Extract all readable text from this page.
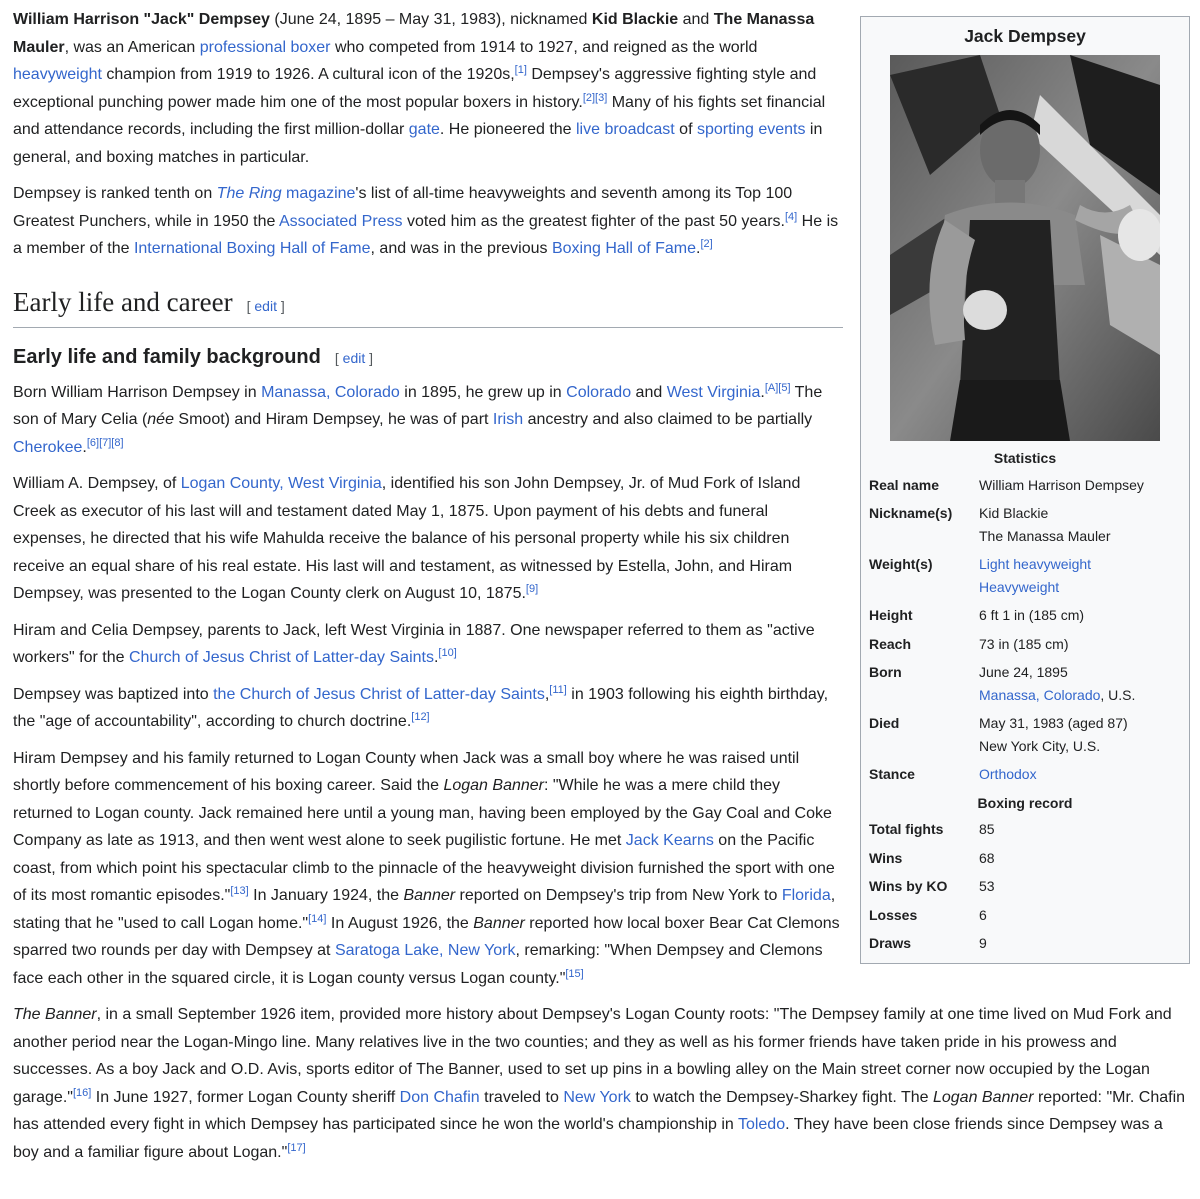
Jack Dempsey
Statistics
Real name	William Harrison Dempsey
Nickname(s)	Kid Blackie
The Manassa Mauler
Weight(s)	Light heavyweight
Heavyweight
Height	6 ft 1 in (185 cm)
Reach	73 in (185 cm)
Born	June 24, 1895
Manassa, Colorado, U.S.
Died	May 31, 1983 (aged 87)
New York City, U.S.
Stance	Orthodox
Boxing record
Total fights	85
Wins	68
Wins by KO	53
Losses	6
Draws	9

William Harrison "Jack" Dempsey (June 24, 1895 – May 31, 1983), nicknamed Kid Blackie and The Manassa Mauler, was an American professional boxer who competed from 1914 to 1927, and reigned as the world heavyweight champion from 1919 to 1926. A cultural icon of the 1920s,[1] Dempsey's aggressive fighting style and exceptional punching power made him one of the most popular boxers in history.[2][3] Many of his fights set financial and attendance records, including the first million-dollar gate. He pioneered the live broadcast of sporting events in general, and boxing matches in particular.

Dempsey is ranked tenth on The Ring magazine's list of all-time heavyweights and seventh among its Top 100 Greatest Punchers, while in 1950 the Associated Press voted him as the greatest fighter of the past 50 years.[4] He is a member of the International Boxing Hall of Fame, and was in the previous Boxing Hall of Fame.[2]

Early life and career [ edit ]
Early life and family background [ edit ]

Born William Harrison Dempsey in Manassa, Colorado in 1895, he grew up in Colorado and West Virginia.[A][5] The son of Mary Celia (née Smoot) and Hiram Dempsey, he was of part Irish ancestry and also claimed to be partially Cherokee.[6][7][8]

William A. Dempsey, of Logan County, West Virginia, identified his son John Dempsey, Jr. of Mud Fork of Island Creek as executor of his last will and testament dated May 1, 1875. Upon payment of his debts and funeral expenses, he directed that his wife Mahulda receive the balance of his personal property while his six children receive an equal share of his real estate. His last will and testament, as witnessed by Estella, John, and Hiram Dempsey, was presented to the Logan County clerk on August 10, 1875.[9]

Hiram and Celia Dempsey, parents to Jack, left West Virginia in 1887. One newspaper referred to them as "active workers" for the Church of Jesus Christ of Latter-day Saints.[10]

Dempsey was baptized into the Church of Jesus Christ of Latter-day Saints,[11] in 1903 following his eighth birthday, the "age of accountability", according to church doctrine.[12]

Hiram Dempsey and his family returned to Logan County when Jack was a small boy where he was raised until shortly before commencement of his boxing career. Said the Logan Banner: "While he was a mere child they returned to Logan county. Jack remained here until a young man, having been employed by the Gay Coal and Coke Company as late as 1913, and then went west alone to seek pugilistic fortune. He met Jack Kearns on the Pacific coast, from which point his spectacular climb to the pinnacle of the heavyweight division furnished the sport with one of its most romantic episodes."[13] In January 1924, the Banner reported on Dempsey's trip from New York to Florida, stating that he "used to call Logan home."[14] In August 1926, the Banner reported how local boxer Bear Cat Clemons sparred two rounds per day with Dempsey at Saratoga Lake, New York, remarking: "When Dempsey and Clemons face each other in the squared circle, it is Logan county versus Logan county."[15]

The Banner, in a small September 1926 item, provided more history about Dempsey's Logan County roots: "The Dempsey family at one time lived on Mud Fork and another period near the Logan-Mingo line. Many relatives live in the two counties; and they as well as his former friends have taken pride in his prowess and successes. As a boy Jack and O.D. Avis, sports editor of The Banner, used to set up pins in a bowling alley on the Main street corner now occupied by the Logan garage."[16] In June 1927, former Logan County sheriff Don Chafin traveled to New York to watch the Dempsey-Sharkey fight. The Logan Banner reported: "Mr. Chafin has attended every fight in which Dempsey has participated since he won the world's championship in Toledo. They have been close friends since Dempsey was a boy and a familiar figure about Logan."[17]
